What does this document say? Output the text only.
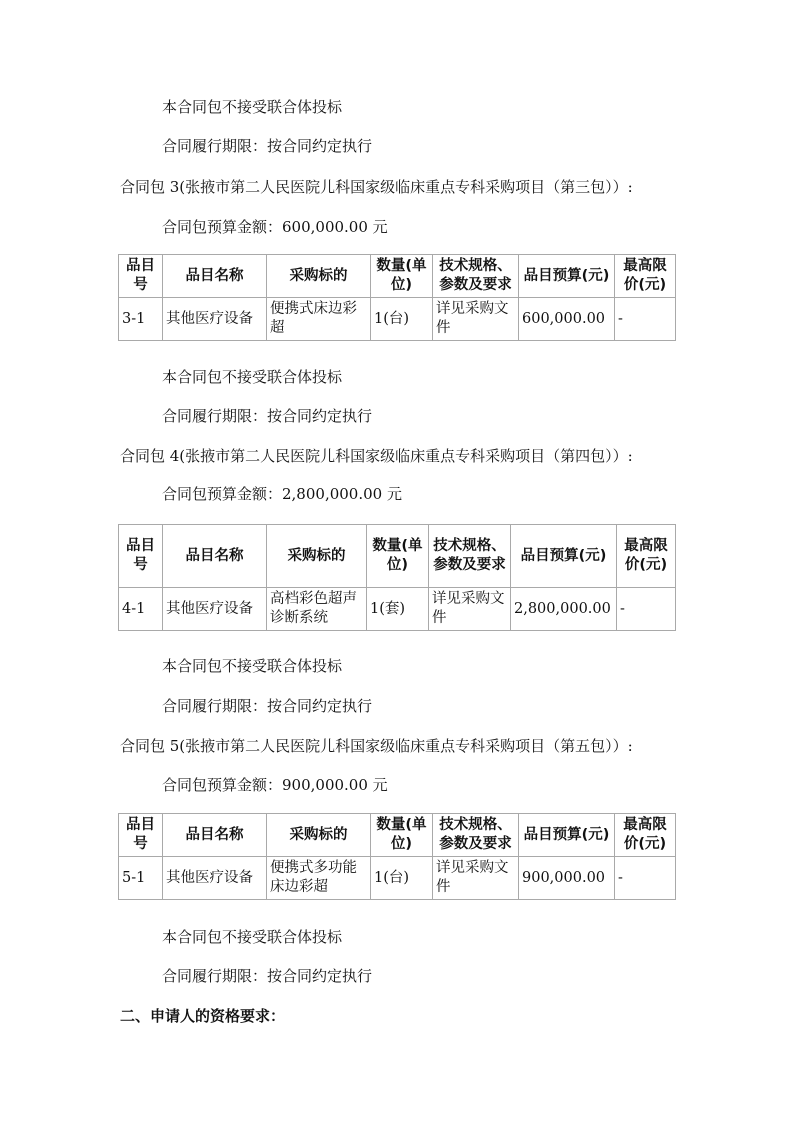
本合同包不接受联合体投标
合同履行期限：按合同约定执行
合同包 3(张掖市第二人民医院儿科国家级临床重点专科采购项目（第三包））:
合同包预算金额：600,000.00 元
品目号	品目名称	采购标的	数量(单位)	技术规格、参数及要求	品目预算(元)	最高限价(元)
3-1	其他医疗设备	便携式床边彩超	1(台)	详见采购文件	600,000.00	-
本合同包不接受联合体投标
合同履行期限：按合同约定执行
合同包 4(张掖市第二人民医院儿科国家级临床重点专科采购项目（第四包））:
合同包预算金额：2,800,000.00 元
品目号	品目名称	采购标的	数量(单位)	技术规格、参数及要求	品目预算(元)	最高限价(元)
4-1	其他医疗设备	高档彩色超声诊断系统	1(套)	详见采购文件	2,800,000.00	-
本合同包不接受联合体投标
合同履行期限：按合同约定执行
合同包 5(张掖市第二人民医院儿科国家级临床重点专科采购项目（第五包））:
合同包预算金额：900,000.00 元
品目号	品目名称	采购标的	数量(单位)	技术规格、参数及要求	品目预算(元)	最高限价(元)
5-1	其他医疗设备	便携式多功能床边彩超	1(台)	详见采购文件	900,000.00	-
本合同包不接受联合体投标
合同履行期限：按合同约定执行
二、申请人的资格要求：
